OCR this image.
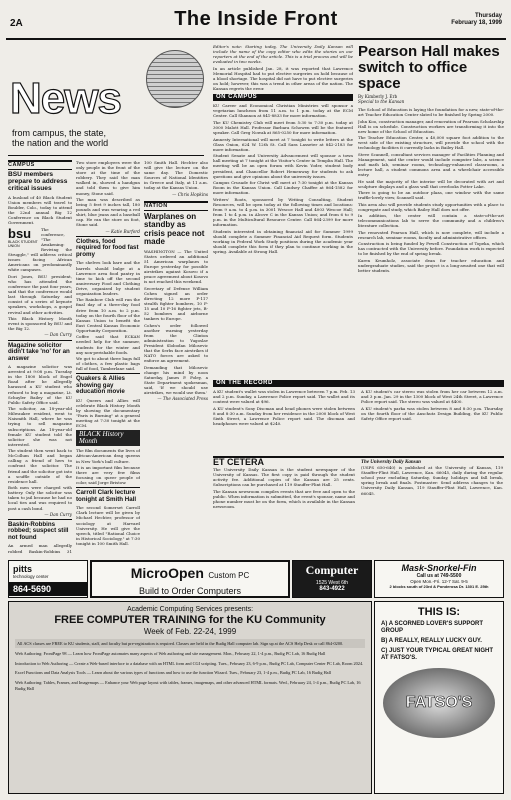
2A	The Inside Front	Thursday
February 18, 1999
News
from campus, the state,
the nation and the world
CAMPUS
BSU members prepare to address critical issues

A busload of 40 Black Student Union members will travel to Boulder, Colo., today to attend the 22nd annual Big 12 Conference on Black Student Government.

bsu
BLACK STUDENT UNION

The conference, "The Awakening: Reviving the Struggle," will address critical issues facing African Americans on predominantly white campuses.

Dori Jones, BSU president, who has attended the conference the past four years, said that the conference would last through Saturday and consist of a series of keynote speakers, workshops, a gospel revival and other activities.

This Black History Month event is sponsored by BSU and the Big 12.

— Dan Curry
Magazine solicitor didn't take 'no' for an answer

A magazine solicitor was arrested at 9:08 p.m. Tuesday in the 1800 block of Engel Road after he allegedly harassed a KU student who refused to buy a magazine, Lt. Schuyler Bailey of the KU Public Safety Office said.

The solicitor, an 18-year-old Milwaukee resident, went to Naismith Hall, where he was trying to sell magazine subscriptions. An 18-year-old female KU student told the solicitor she was not interested.

The student then went back to McCollum Hall and began calling a friend of hers to confront the solicitor. The friend and the solicitor got into a scuffle outside of the residence hall.

Both men were charged with battery. Only the solicitor was taken to jail because he had no local ties and was required to post a cash bond.

— Dan Curry
Baskin-Robbins robbed; suspect still not found

An armed man allegedly robbed Baskin-Robbins 31

Two store employees were the only people in the front of the store at the time of the robbery. They said the man walked in, showed a handgun and told them to give him money, Stone said.

The man was described as being 5 feet 9 inches tall, 180 pounds and was wearing a red shirt, blue jeans and a baseball cap. He ran the store on foot, Stone said.

— Katie Burford
Clothes, food required for food fast promy

The shelves look bare and the barrels should bulge at a Lawrence area food pantry in time to kick off the second anniversary Food and Clothing Drive, organized by student organization leaders.

The Rainbow Club will run the final day of a three-day food drive from 10 a.m. to 2 p.m. today on the fourth floor of the Kansas Union to benefit the East Central Kansas Economic Opportunity Corporation.

Coffee said that ECKAN needed help for the summer, students for the winter and any non-perishable foods.

We got to about three bags full of clothes, a few plastic bags full of food, Tamberlane said.

Quakers & Allies showing gay education movie

KU Queers and Allies will celebrate Black History Month by showing the documentary "Paris is Burning" at a general meeting at 7:30 tonight at the ECM.

BLACK History Month

The film documents the lives of African-American drag queens in New York's ball culture.

It is an important film because there are very few films focusing on queer people of color, said Jorge Bristow.

Carroll Clark lecture tonight at Smith Hall

The second Somerset Carroll Clark lecture will be given by Michael Hechter, professor of sociology at Harvard University. He will give the speech, titled "Rational Choice in Historical Sociology," at 7:30 tonight in 100 Smith Hall.

100 Smith Hall. Hechter also will give the lecture on the same day. The Domestic Sources of National Identities in Greece and Italy, at 11 a.m. today at the Kansas Union.

— Chris Hopkins
NATION
Warplanes on standby as crisis peace not made

WASHINGTON — The United States ordered an additional 51 American warplanes to Europe yesterday for possible airstrikes against Kosovo if a peace agreement about Kosovo is not reached this weekend.

Secretary of Defense William Cohen signed an order directing 12 more F-117 stealth fighter bombers, 10 F-15 and 10 F-16 fighter jets, B-52 bombers and airborne tankers to Europe.

Cohen's order followed another warning yesterday from the Clinton administration to Yugoslav President Slobodan Milosevic that the Serbs face airstrikes if NATO forces are asked to enforce an agreement.

Demanding that Milosevic change his mind by noon Saturday, James P. Foley, a State Department spokesman, said, 'If we should use airstrikes, we would use them.'

— The Associated Press

Editor's note: Starting today, The University Daily Kansan will include the name of the copy editor who edits the stories on our reporters at the end of the article. This is a trial process and will be evaluated in two weeks.

In an article published Jan. 28, it was reported that Lawrence Memorial Hospital had to put elective surgeries on hold because of a blood shortage. The hospital did not have to put elective surgeries on hold; however, this was a trend in other areas of the nation. The Kansan regrets the error.

ON CAMPUS
KU Career and Economical Christian Ministries will sponsor a vegetarian luncheon from 11 a.m. to 1 p.m. today at the ECM Center. Call Shannon at 841-8833 for more information.
The KU Chemistry Club will meet from 5:30 to 7:30 p.m. today at 3000 Malott Hall. Professor Barbara Schowen will be the featured speaker. Call Greg Nowak at 865-0250 for more information.
Amnesty International will meet at 7 tonight to write letters at the Glass Onion, 624 W. 12th St. Call Sara Lasseter at 842-2183 for more information.
Student Senate and University Advancement will sponsor a town hall meeting at 7 tonight at the Visitor's Center in Templin Hall. The meeting will be an open forum with Kevin Yoder, student body president, and Chancellor Robert Hemenway for students to ask questions and give opinions about the university issues.
Campus Crusade for Christ will meet at 7:30 tonight at the Kansas Room in the Kansas Union. Call Lindsey Chaffee at 864-1582 for more information.
Writers' Roots, sponsored by Writing Consulting, Student Resources, will be open today at the following times and locations: from 9 a.m. to 4 p.m. in 3001 Wescoe Hall and 4003 Wescoe Hall; from 1 to 4 p.m. in Alcove C in the Kansas Union; and from 6 to 9 p.m. in the Multicultural Resource Center. Call 864-2399 for more information.
Students interested in obtaining financial aid for Summer 1999 should complete a Summer Financial Aid Request form. Students working in Federal Work Study positions during the academic year should complete this form if they plan to continue working in the spring. Available at Strong Hall.
Pearson Hall makes switch to office space
By Kimberly J. Erb
Special to the Kansan

The School of Education is laying the foundation for a new, state-of-the-art Teacher Education Center slated to be finished by Spring 2000.

John Koo, construction manager, and renovation of Pearson Scholarship Hall is on schedule. Construction workers are transforming it into the new home of the School of Education.

The Teacher Education Center, a 40,000 square foot addition to the west side of the existing structure, will provide the school with the technology facilities it currently lacks in Bailey Hall.

Steve Scannell, consultant services manager of Facilities Planning and Management, said the center would include computer labs, a science and math lab, seminar rooms, technology-enhanced classrooms, a lecture hall, a student commons area and a wheelchair accessible entry.

He said the majority of the interior will be decorated with art and sculpture displays and a glass wall that overlooks Potter Lake.

There is going to be an outdoor plaza, one window with the same truffle-lovely view, Scannell said.

This area also will provide students study opportunities with a place to congregate and study, which Bailey Hall does not offer.

In addition, the center will contain a state-of-the-art telecommunications lab to serve the community and a children's literature collection.

The renovated Pearson Hall, which is now complete, will include a research lab, seminar rooms, faculty and administrative offices.

Construction is being funded by Fewell Construction of Topeka, which has contracted with the University before. Foundation work is expected to be finished by the end of spring break.

Karen Krumholz, associate dean for teacher education and undergraduate studies, said the project is a long-awaited one that will better students.

ON THE RECORD
A KU student's wallet was stolen in Lawrence between 7 p.m. Feb. 13 and 2 p.m. Sunday, a Lawrence Police report said. The wallet and its content were valued at $96.
A KU student's Sony Discman and head phones were stolen between 8 and 8:30 a.m. Sunday from her residence in the 2000 block of West Sixth Street, a Lawrence Police report said. The discman and headphones were valued at $240.
A KU student's car stereo was stolen from her car between 12 a.m. and 3 p.m. Jan. 29 in the 1300 block of West 24th Street, a Lawrence Police report said. The stereo was valued at $400.
A KU student's parka was stolen between 8 and 8:30 p.m. Thursday on the fourth floor of the Anschutz Design Building, the KU Public Safety Office report said.
ET CETERA

The University Daily Kansan is the student newspaper of the University of Kansas. The first copy is paid through the student activity fee. Additional copies of the Kansan are 25 cents. Subscriptions can be purchased at 119 Stauffer-Flint Hall.

The Kansan newsroom compiles events that are free and open to the public. When information is submitted, the event's sponsor, name and phone number must be on the form, which is available in the Kansan newsroom.

The University Daily Kansan

(USPS 650-640) is published at the University of Kansas, 119 Stauffer-Flint Hall, Lawrence, Kan. 66045, daily during the regular school year excluding Saturday, Sunday, holidays and fall break, spring break and finals. Postmaster: Send address changes to the University Daily Kansan, 119 Stauffer-Flint Hall, Lawrence, Kan. 66045.

pitts
technology center
864-5690
MicroOpen Custom PC
Build to Order Computers
Computer
1525 West 6th
843-4922
Mask-Snorkel-Fin
Call us at 749-5500
Open Mon.-Fri. 12-7 Sat. 9-5
2 blocks south of 23rd & Ponderosa Dr. 1301 E. 25th
Academic Computing Services presents:
FREE COMPUTER TRAINING for the KU Community
Week of Feb. 22-24, 1999
All ACS classes are FREE to KU students, staff, and faculty but pre-registration is required. Classes are held in the Budig Hall computer lab. Sign up at the ACS Help Desk or call 864-0200.

Web Authoring: FrontPage 98 — Learn how FrontPage automates many aspects of Web authoring and site management. Mon., February 22, 1-4 p.m., Budig PC Lab, 16 Budig Hall

Introduction to Web Authoring — Create a Web-based interface to a database with an HTML form and CGI scripting. Tues., February 23, 6-9 p.m., Budig PC Lab, Computer Center PC Lab, Room 2024.

Excel Functions and Data Analysis Tools — Learn about the various types of functions and how to use the function Wizard. Tues., February 23, 1-4 p.m., Budig PC Lab, 16 Budig Hall

Web Authoring: Tables, Frames, and Imagemaps — Enhance your Web page layout with tables, frames, imagemaps, and other advanced HTML formats. Wed., February 24, 1-4 p.m., Budig PC Lab, 16 Budig Hall

THIS IS:
A) A SCORNED LOVER'S SUPPORT GROUP
B) A REALLY, REALLY LUCKY GUY.
C) JUST YOUR TYPICAL GREAT NIGHT AT FATSO'S.
FATSO'S
